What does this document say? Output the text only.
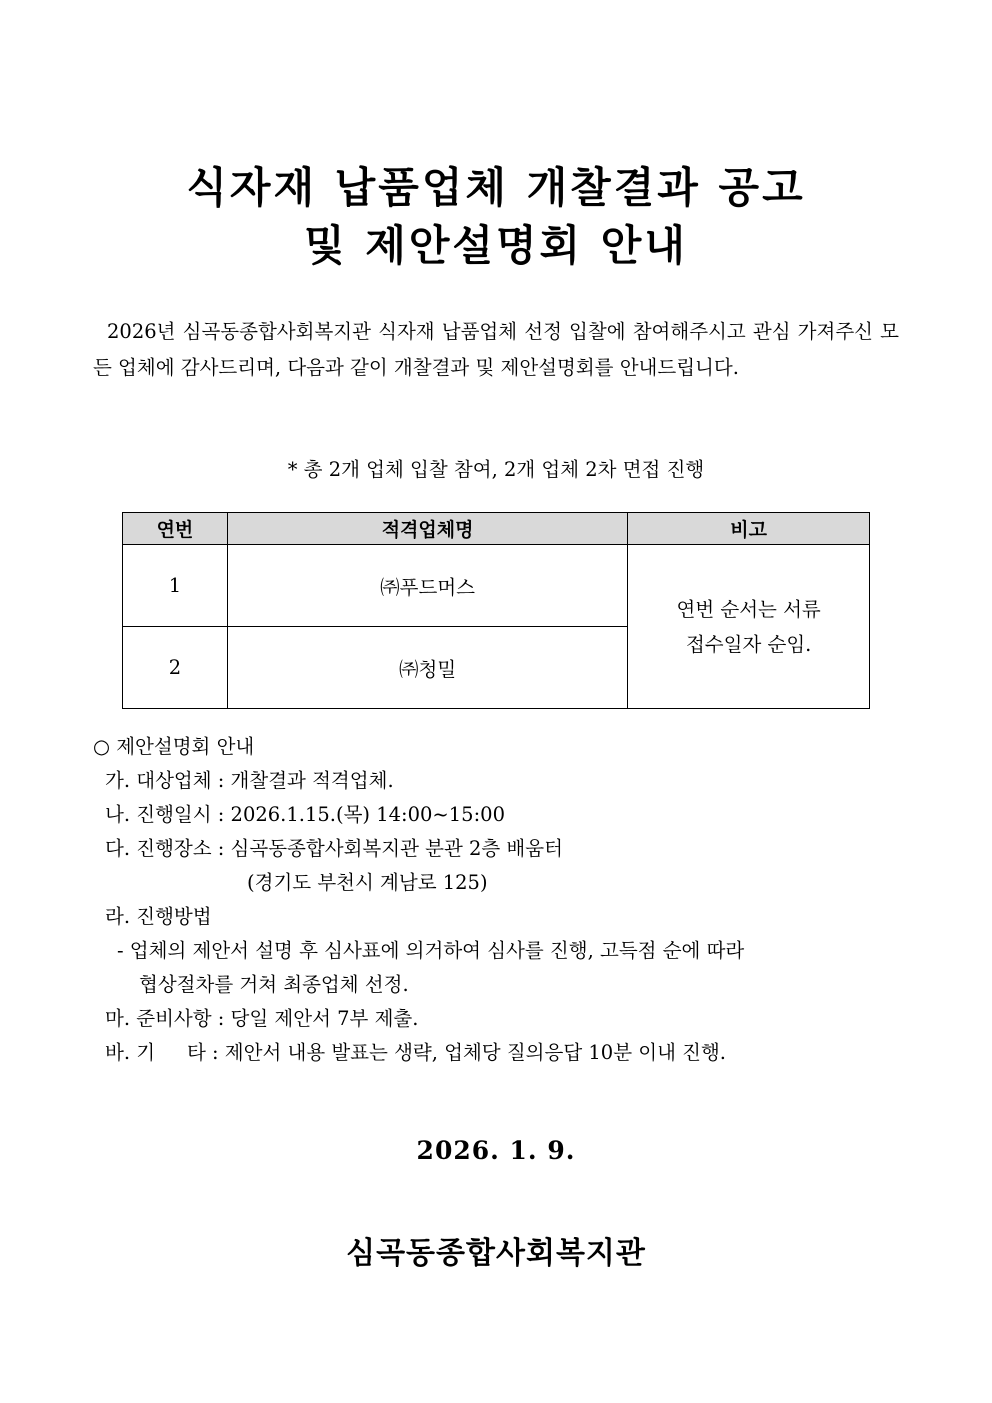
식자재 납품업체 개찰결과 공고
및 제안설명회 안내
2026년 심곡동종합사회복지관 식자재 납품업체 선정 입찰에 참여해주시고 관심 가져주신 모든 업체에 감사드리며, 다음과 같이 개찰결과 및 제안설명회를 안내드립니다.
* 총 2개 업체 입찰 참여, 2개 업체 2차 면접 진행
연번	적격업체명	비고
1	㈜푸드머스	연번 순서는 서류
접수일자 순임.

2	㈜청밀	
○ 제안설명회 안내
가. 대상업체 : 개찰결과 적격업체.
나. 진행일시 : 2026.1.15.(목) 14:00~15:00
다. 진행장소 : 심곡동종합사회복지관 분관 2층 배움터
(경기도 부천시 계남로 125)
라. 진행방법
- 업체의 제안서 설명 후 심사표에 의거하여 심사를 진행, 고득점 순에 따라
협상절차를 거쳐 최종업체 선정.
마. 준비사항 : 당일 제안서 7부 제출.
바. 기 　 타 : 제안서 내용 발표는 생략, 업체당 질의응답 10분 이내 진행.
2026. 1. 9.
심곡동종합사회복지관
